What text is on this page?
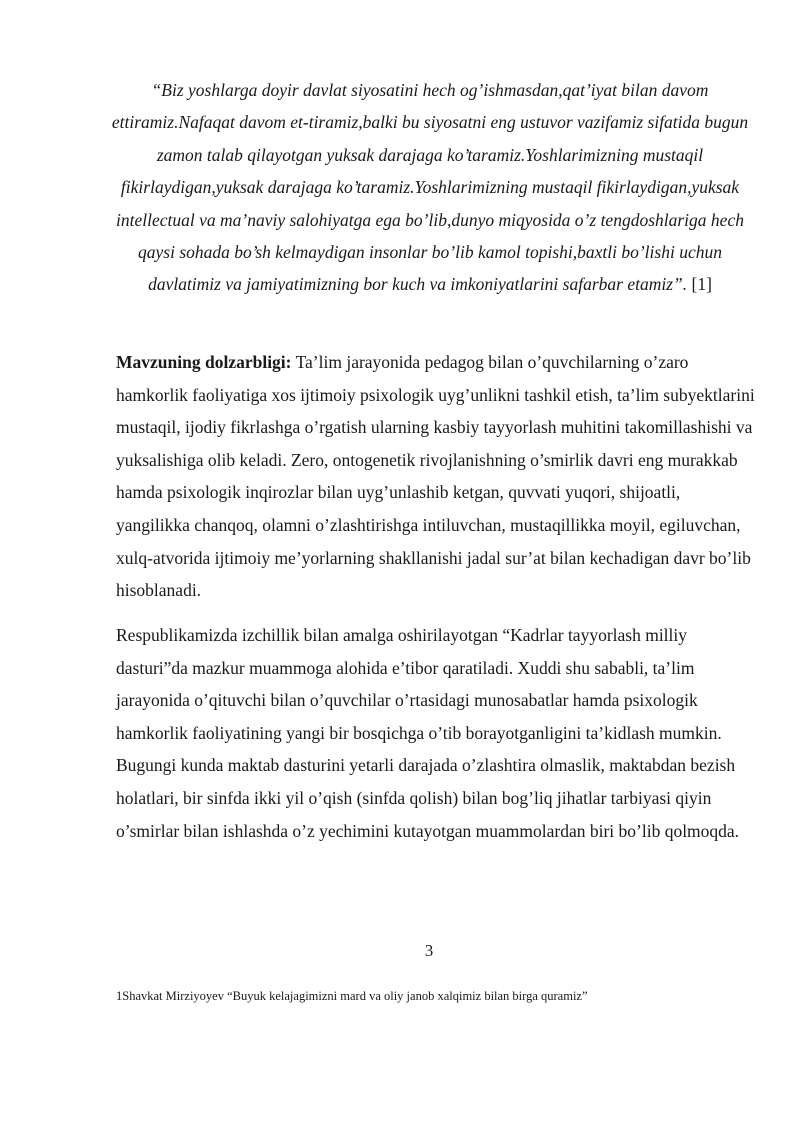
“Biz yoshlarga doyir davlat siyosatini hech og’ishmasdan,qat’iyat bilan davom ettiramiz.Nafaqat davom et-tiramiz,balki bu siyosatni eng ustuvor vazifamiz sifatida bugun zamon talab qilayotgan yuksak darajaga ko’taramiz.Yoshlarimizning mustaqil fikirlaydigan,yuksak darajaga ko’taramiz.Yoshlarimizning mustaqil fikirlaydigan,yuksak intellectual va ma’naviy salohiyatga ega bo’lib,dunyo miqyosida o’z tengdoshlariga hech qaysi sohada bo’sh kelmaydigan insonlar bo’lib kamol topishi,baxtli bo’lishi uchun davlatimiz va jamiyatimizning bor kuch va imkoniyatlarini safarbar etamiz”. [1]
Mavzuning dolzarbligi: Ta’lim jarayonida pedagog bilan o’quvchilarning o’zaro hamkorlik faoliyatiga xos ijtimoiy psixologik uyg’unlikni tashkil etish, ta’lim subyektlarini mustaqil, ijodiy fikrlashga o’rgatish ularning kasbiy tayyorlash muhitini takomillashishi va yuksalishiga olib keladi. Zero, ontogenetik rivojlanishning o’smirlik davri eng murakkab hamda psixologik inqirozlar bilan uyg’unlashib ketgan, quvvati yuqori, shijoatli, yangilikka chanqoq, olamni o’zlashtirishga intiluvchan, mustaqillikka moyil, egiluvchan, xulq-atvorida ijtimoiy me’yorlarning shakllanishi jadal sur’at bilan kechadigan davr bo’lib hisoblanadi.
Respublikamizda izchillik bilan amalga oshirilayotgan “Kadrlar tayyorlash milliy dasturi”da mazkur muammoga alohida e’tibor qaratiladi. Xuddi shu sababli, ta’lim jarayonida o’qituvchi bilan o’quvchilar o’rtasidagi munosabatlar hamda psixologik hamkorlik faoliyatining yangi bir bosqichga o’tib borayotganligini ta’kidlash mumkin. Bugungi kunda maktab dasturini yetarli darajada o’zlashtira olmaslik, maktabdan bezish holatlari, bir sinfda ikki yil o’qish (sinfda qolish) bilan bog’liq jihatlar tarbiyasi qiyin o’smirlar bilan ishlashda o’z yechimini kutayotgan muammolardan biri bo’lib qolmoqda.
3
1Shavkat Mirziyoyev “Buyuk kelajagimizni mard va oliy janob xalqimiz bilan birga quramiz”
